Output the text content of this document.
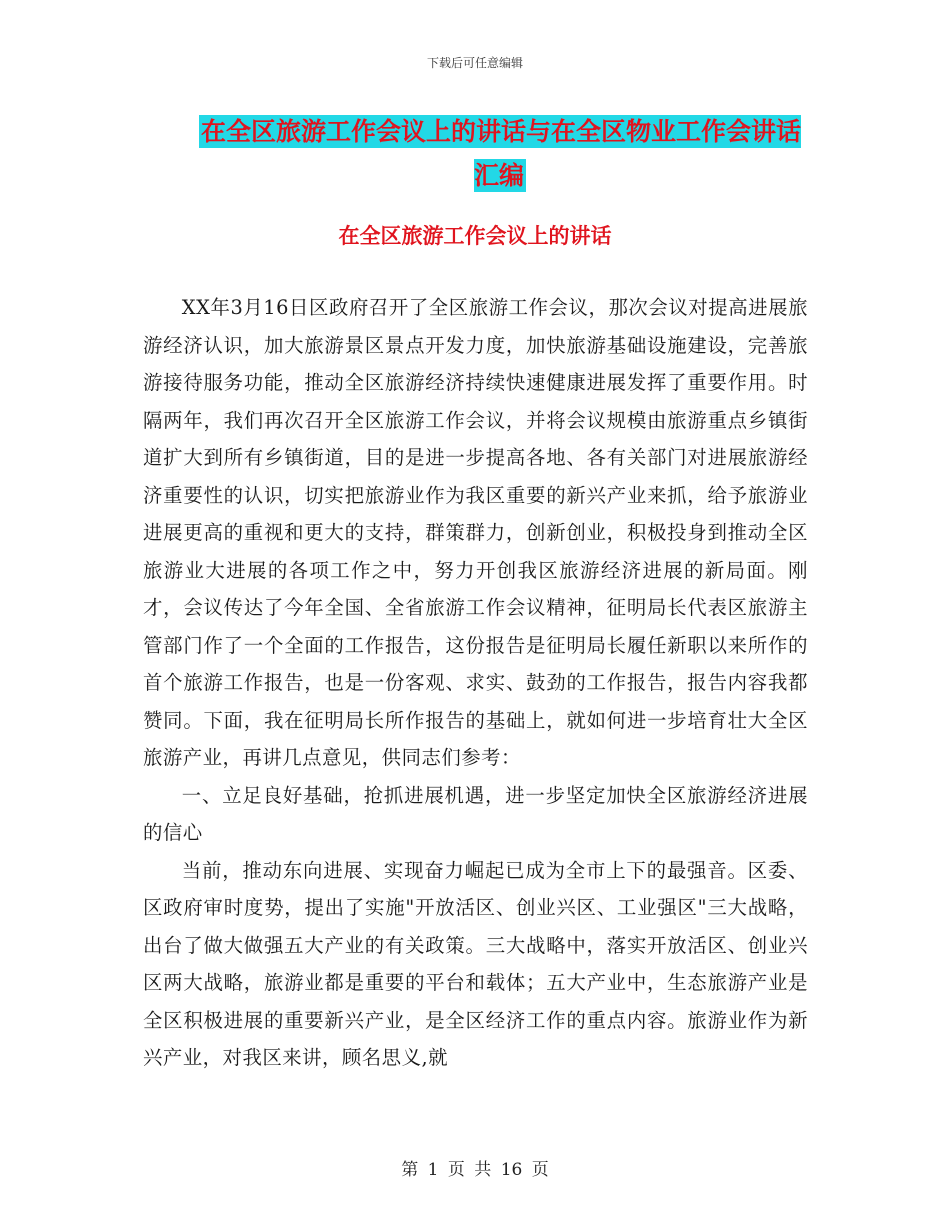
下载后可任意编辑
在全区旅游工作会议上的讲话与在全区物业工作会讲话汇编
在全区旅游工作会议上的讲话

XX年3月16日区政府召开了全区旅游工作会议，那次会议对提高进展旅游经济认识，加大旅游景区景点开发力度，加快旅游基础设施建设，完善旅游接待服务功能，推动全区旅游经济持续快速健康进展发挥了重要作用。时隔两年，我们再次召开全区旅游工作会议，并将会议规模由旅游重点乡镇街道扩大到所有乡镇街道，目的是进一步提高各地、各有关部门对进展旅游经济重要性的认识，切实把旅游业作为我区重要的新兴产业来抓，给予旅游业进展更高的重视和更大的支持，群策群力，创新创业，积极投身到推动全区旅游业大进展的各项工作之中，努力开创我区旅游经济进展的新局面。刚才，会议传达了今年全国、全省旅游工作会议精神，征明局长代表区旅游主管部门作了一个全面的工作报告，这份报告是征明局长履任新职以来所作的首个旅游工作报告，也是一份客观、求实、鼓劲的工作报告，报告内容我都赞同。下面，我在征明局长所作报告的基础上，就如何进一步培育壮大全区旅游产业，再讲几点意见，供同志们参考：

一、立足良好基础，抢抓进展机遇，进一步坚定加快全区旅游经济进展的信心

当前，推动东向进展、实现奋力崛起已成为全市上下的最强音。区委、区政府审时度势，提出了实施"开放活区、创业兴区、工业强区"三大战略，出台了做大做强五大产业的有关政策。三大战略中，落实开放活区、创业兴区两大战略，旅游业都是重要的平台和载体；五大产业中，生态旅游产业是全区积极进展的重要新兴产业，是全区经济工作的重点内容。旅游业作为新兴产业，对我区来讲，顾名思义,就

第 1 页 共 16 页
